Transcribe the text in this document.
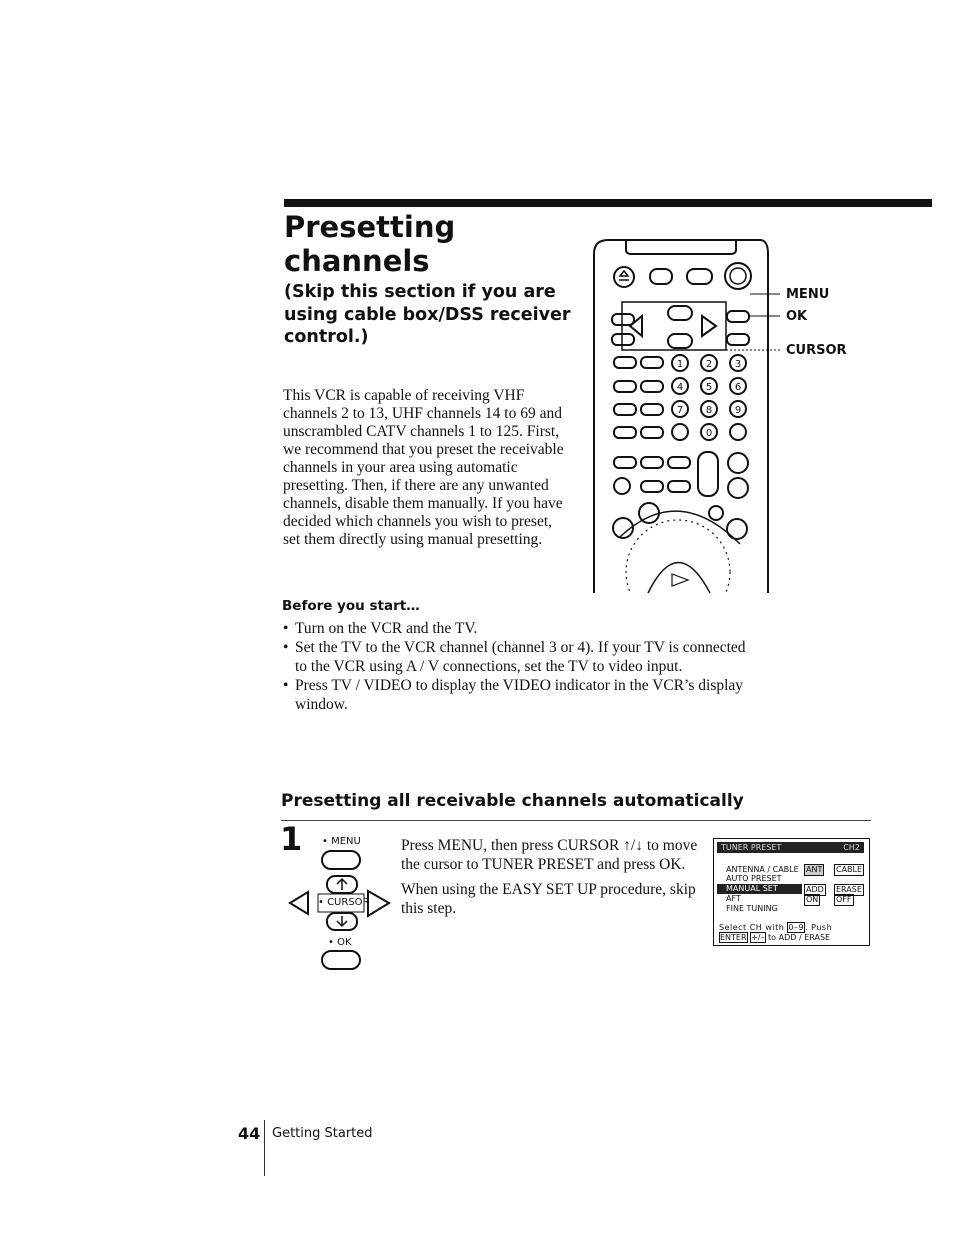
Presetting
channels
(Skip this section if you are using cable box/DSS receiver control.)
This VCR is capable of receiving VHF channels 2 to 13, UHF channels 14 to 69 and unscrambled CATV channels 1 to 125. First, we recommend that you preset the receivable channels in your area using automatic presetting. Then, if there are any unwanted channels, disable them manually. If you have decided which channels you wish to preset, set them directly using manual presetting.
1 2 3
4 5 6
7 8 9
0
MENU
OK
CURSOR
Before you start…
• Turn on the VCR and the TV.
• Set the TV to the VCR channel (channel 3 or 4). If your TV is connected to the VCR using A / V connections, set the TV to video input.
• Press TV / VIDEO to display the VIDEO indicator in the VCR’s display window.
Presetting all receivable channels automatically
1 • MENU
• CURSOR
• OK

Press MENU, then press CURSOR ↑/↓ to move the cursor to TUNER PRESET and press OK.

When using the EASY SET UP procedure, skip this step.

TUNER PRESET	CH2
ANTENNA / CABLE ANT CABLE
AUTO PRESET
MANUAL SET	ADD ERASE
AFT	ON OFF
FINE TUNING
Select CH with 0–9. Push
ENTER +/– to ADD / ERASE
44 Getting Started
